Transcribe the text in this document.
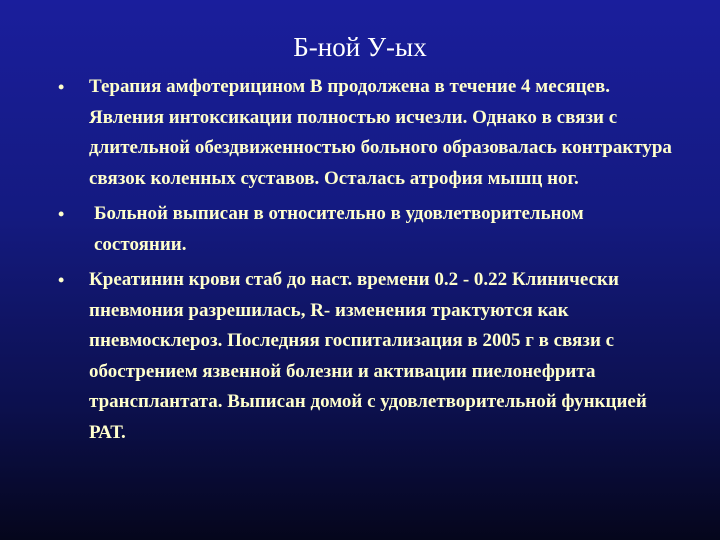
Б-ной У-ых
• Терапия амфотерицином В продолжена в течение 4 месяцев. Явления интоксикации полностью исчезли. Однако в связи с длительной обездвиженностью больного образовалась контрактура связок коленных суставов. Осталась атрофия мышц ног.
• Больной выписан в относительно в удовлетворительном состоянии.
• Креатинин крови стаб до наст. времени 0.2 - 0.22 Клинически пневмония разрешилась, R- изменения трактуются как пневмосклероз. Последняя госпитализация в 2005 г в связи с обострением язвенной болезни и активации пиелонефрита трансплантата. Выписан домой с удовлетворительной функцией РАТ.
